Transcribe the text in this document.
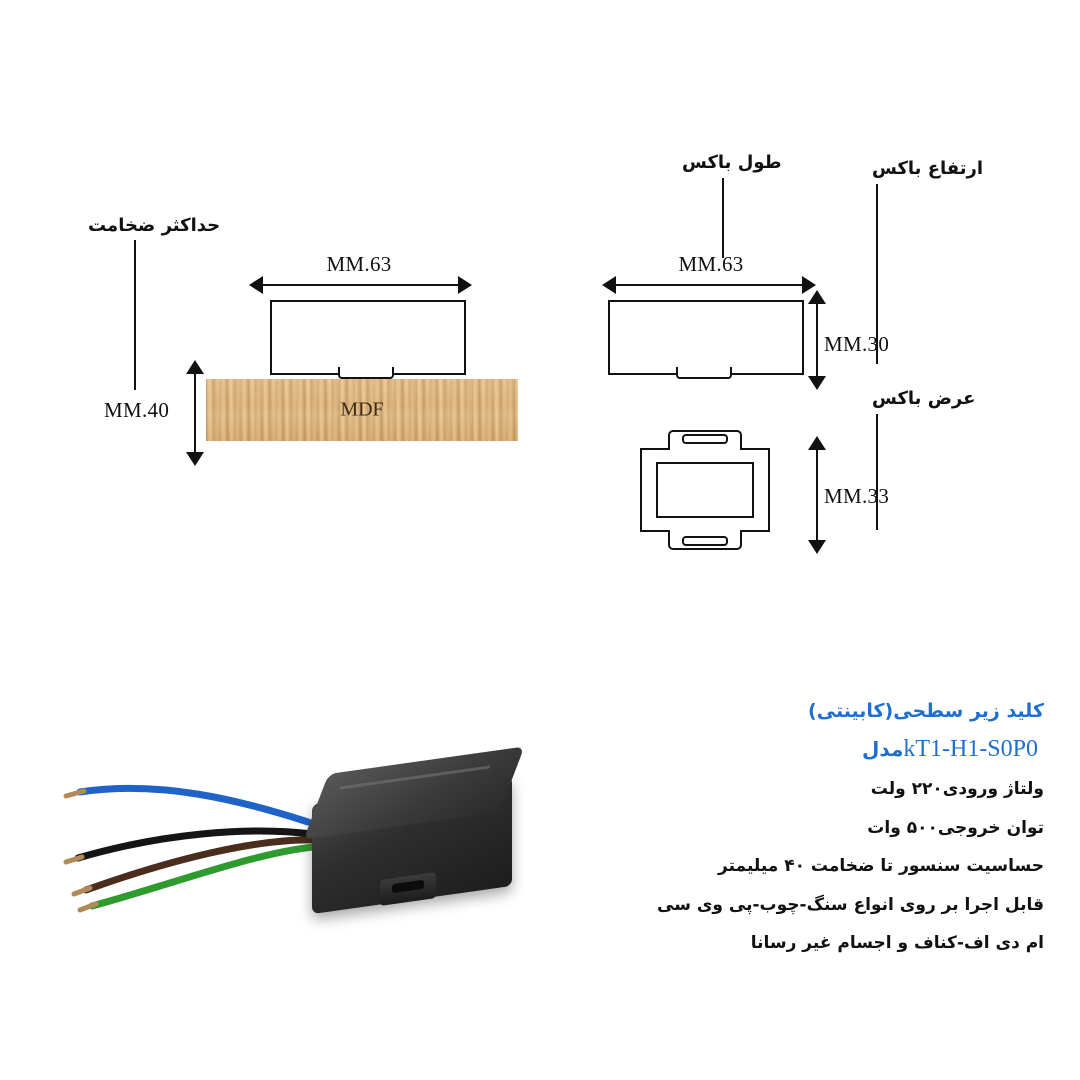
حداکثر ضخامت
63.MM
MDF
40.MM
طول باکس	ارتفاع باکس
63.MM
30.MM
عرض باکس
33.MM
کلید زیر سطحی(کابینتی)
kT1-H1-S0P0مدل
ولتاژ ورودی۲۲۰ ولت
توان خروجی۵۰۰ وات
حساسیت سنسور تا ضخامت ۴۰ میلیمتر
قابل اجرا بر روی انواع سنگ-چوب-پی وی سی
ام دی اف-کناف و اجسام غیر رسانا
